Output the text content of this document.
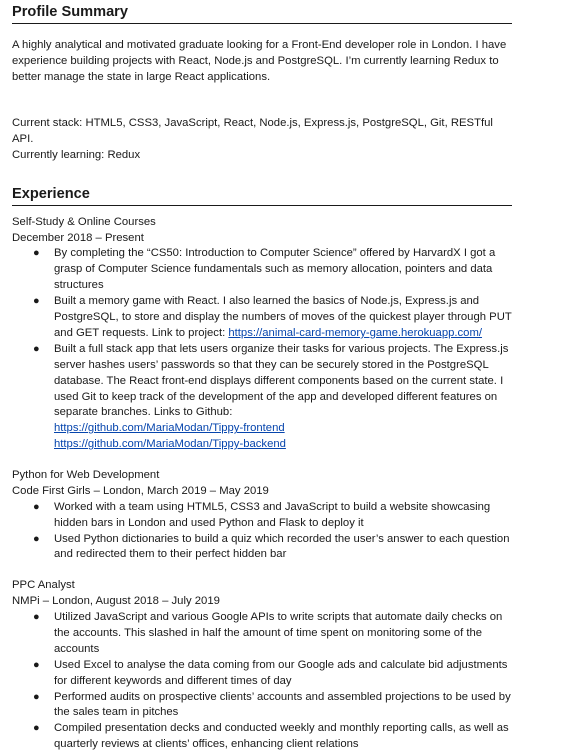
Profile Summary

A highly analytical and motivated graduate looking for a Front-End developer role in London. I have experience building projects with React, Node.js and PostgreSQL. I’m currently learning Redux to better manage the state in large React applications.

Current stack: HTML5, CSS3, JavaScript, React, Node.js, Express.js, PostgreSQL, Git, RESTful API.

Currently learning: Redux

Experience

Self-Study & Online Courses

December 2018 – Present

● By completing the “CS50: Introduction to Computer Science” offered by HarvardX I got a grasp of Computer Science fundamentals such as memory allocation, pointers and data structures
● Built a memory game with React. I also learned the basics of Node.js, Express.js and PostgreSQL, to store and display the numbers of moves of the quickest player through PUT and GET requests. Link to project: https://animal-card-memory-game.herokuapp.com/
● Built a full stack app that lets users organize their tasks for various projects. The Express.js server hashes users’ passwords so that they can be securely stored in the PostgreSQL database. The React front-end displays different components based on the current state. I used Git to keep track of the development of the app and developed different features on separate branches. Links to Github:
https://github.com/MariaModan/Tippy-frontend
https://github.com/MariaModan/Tippy-backend

Python for Web Development

Code First Girls – London, March 2019 – May 2019

● Worked with a team using HTML5, CSS3 and JavaScript to build a website showcasing hidden bars in London and used Python and Flask to deploy it
● Used Python dictionaries to build a quiz which recorded the user’s answer to each question and redirected them to their perfect hidden bar

PPC Analyst

NMPi – London, August 2018 – July 2019

● Utilized JavaScript and various Google APIs to write scripts that automate daily checks on the accounts. This slashed in half the amount of time spent on monitoring some of the accounts
● Used Excel to analyse the data coming from our Google ads and calculate bid adjustments for different keywords and different times of day
● Performed audits on prospective clients’ accounts and assembled projections to be used by the sales team in pitches
● Compiled presentation decks and conducted weekly and monthly reporting calls, as well as quarterly reviews at clients’ offices, enhancing client relations
